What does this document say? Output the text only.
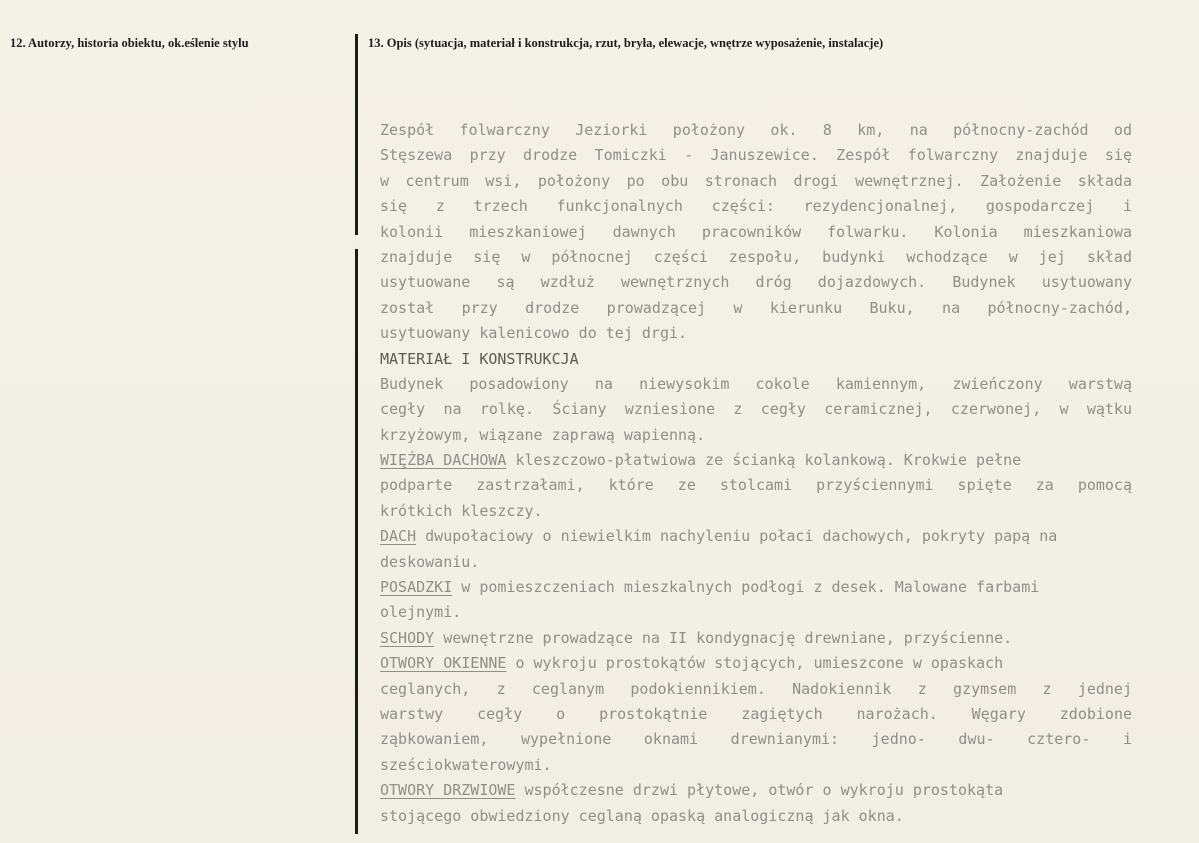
12. Autorzy, historia obiektu, ok.eślenie stylu	13. Opis (sytuacja, materiał i konstrukcja, rzut, bryła, elewacje, wnętrze wyposażenie, instalacje)
Zespół folwarczny Jeziorki położony ok. 8 km, na północny-zachód od
Stęszewa przy drodze Tomiczki - Januszewice. Zespół folwarczny znajduje się
w centrum wsi, położony po obu stronach drogi wewnętrznej. Założenie składa
się z trzech funkcjonalnych części: rezydencjonalnej, gospodarczej i
kolonii mieszkaniowej dawnych pracowników folwarku. Kolonia mieszkaniowa
znajduje się w północnej części zespołu, budynki wchodzące w jej skład
usytuowane są wzdłuż wewnętrznych dróg dojazdowych. Budynek usytuowany
został przy drodze prowadzącej w kierunku Buku, na północny-zachód,
usytuowany kalenicowo do tej drgi.
MATERIAŁ I KONSTRUKCJA
Budynek posadowiony na niewysokim cokole kamiennym, zwieńczony warstwą
cegły na rolkę. Ściany wzniesione z cegły ceramicznej, czerwonej, w wątku
krzyżowym, wiązane zaprawą wapienną.
WIĘŹBA DACHOWA kleszczowo-płatwiowa ze ścianką kolankową. Krokwie pełne
podparte zastrzałami, które ze stolcami przyściennymi spięte za pomocą
krótkich kleszczy.
DACH dwupołaciowy o niewielkim nachyleniu połaci dachowych, pokryty papą na
deskowaniu.
POSADZKI w pomieszczeniach mieszkalnych podłogi z desek. Malowane farbami
olejnymi.
SCHODY wewnętrzne prowadzące na II kondygnację drewniane, przyścienne.
OTWORY OKIENNE o wykroju prostokątów stojących, umieszcone w opaskach
ceglanych, z ceglanym podokiennikiem. Nadokiennik z gzymsem z jednej
warstwy cegły o prostokątnie zagiętych narożach. Węgary zdobione
ząbkowaniem, wypełnione oknami drewnianymi: jedno- dwu- cztero- i
sześciokwaterowymi.
OTWORY DRZWIOWE współczesne drzwi płytowe, otwór o wykroju prostokąta
stojącego obwiedziony ceglaną opaską analogiczną jak okna.
